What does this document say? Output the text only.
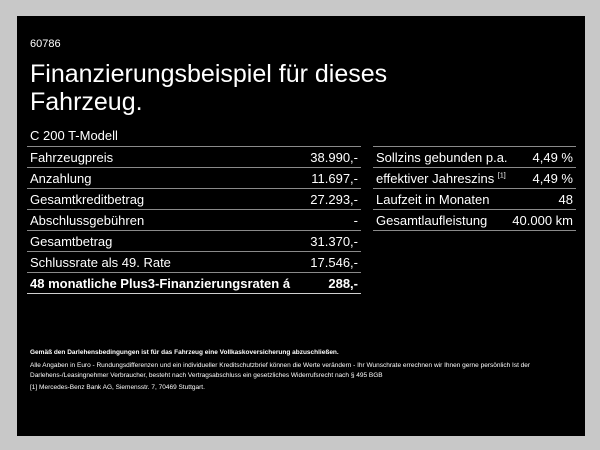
60786
Finanzierungsbeispiel für dieses Fahrzeug.
C 200 T-Modell
Fahrzeugpreis	38.990,-
Anzahlung	11.697,-
Gesamtkreditbetrag	27.293,-
Abschlussgebühren	-
Gesamtbetrag	31.370,-
Schlussrate als 49. Rate	17.546,-
48 monatliche Plus3-Finanzierungsraten á	288,-
Sollzins gebunden p.a. 4,49 %
effektiver Jahreszins [1] 4,49 %
Laufzeit in Monaten	48
Gesamtlaufleistung 40.000 km
Gemäß den Darlehensbedingungen ist für das Fahrzeug eine Vollkaskoversicherung abzuschließen.
Alle Angaben in Euro - Rundungsdifferenzen und ein individueller Kreditschutzbrief können die Werte verändern - Ihr Wunschrate errechnen wir Ihnen gerne persönlich Ist der Darlehens-/Leasingnehmer Verbraucher, besteht nach Vertragsabschluss ein gesetzliches Widerrufsrecht nach § 495 BGB
[1] Mercedes-Benz Bank AG, Siemensstr. 7, 70469 Stuttgart.
